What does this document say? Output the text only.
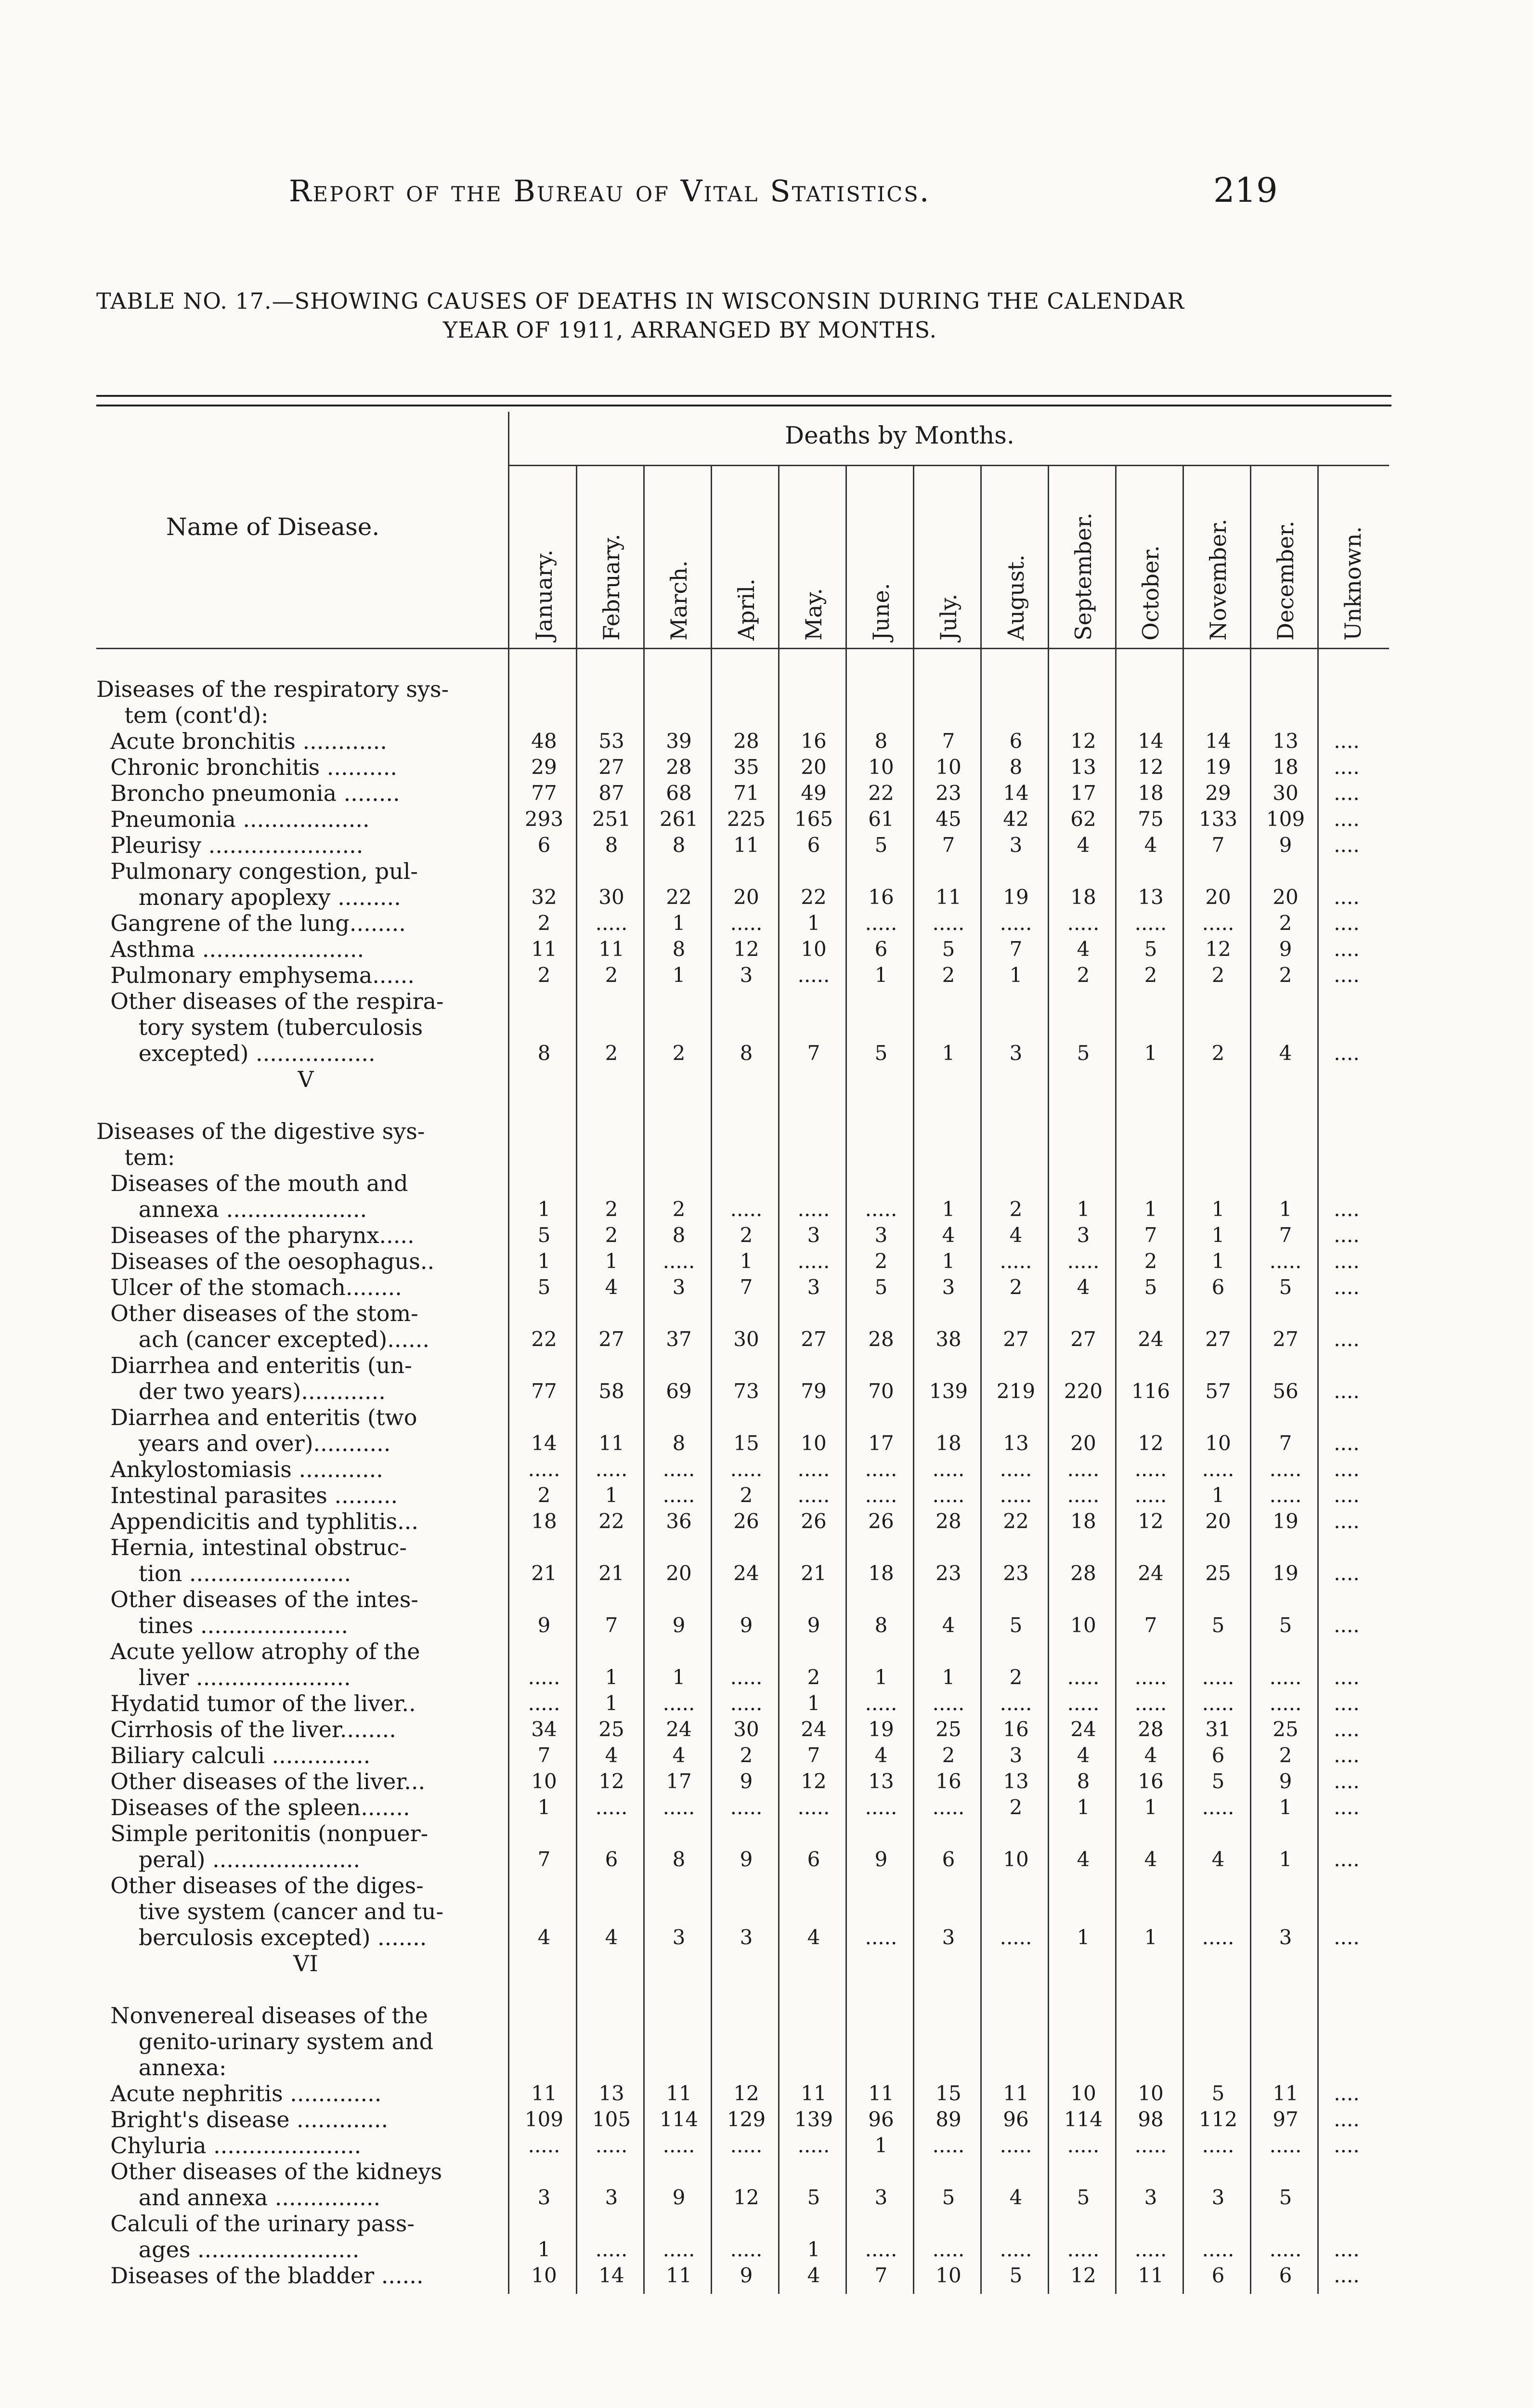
Report of the Bureau of Vital Statistics.	219
TABLE NO. 17.—SHOWING CAUSES OF DEATHS IN WISCONSIN DURING THE CALENDAR
YEAR OF 1911, ARRANGED BY MONTHS.
Name of Disease.
Deaths by Months.
January. February. March. April. May. June. July. August. September. October. November. December. Unknown.
Diseases of the respiratory sys-
tem (cont'd):
Acute bronchitis ............	48	53	39	28	16	8	7	6	12	14	14	13	....
Chronic bronchitis ..........	29	27	28	35	20	10	10	8	13	12	19	18	....
Broncho pneumonia ........	77	87	68	71	49	22	23	14	17	18	29	30	....
Pneumonia ..................	293	251	261	225	165	61	45	42	62	75	133	109	....
Pleurisy ......................	6	8	8	11	6	5	7	3	4	4	7	9	....
Pulmonary congestion, pul-
monary apoplexy .........	32	30	22	20	22	16	11	19	18	13	20	20	....
Gangrene of the lung........	2	.....	1	.....	1	.....	.....	.....	.....	.....	.....	2	....
Asthma .......................	11	11	8	12	10	6	5	7	4	5	12	9	....
Pulmonary emphysema......	2	2	1	3	.....	1	2	1	2	2	2	2	....
Other diseases of the respira-
tory system (tuberculosis
excepted) .................	8	2	2	8	7	5	1	3	5	1	2	4	....
V
Diseases of the digestive sys-
tem:
Diseases of the mouth and
annexa ....................	1	2	2	.....	.....	.....	1	2	1	1	1	1	....
Diseases of the pharynx.....	5	2	8	2	3	3	4	4	3	7	1	7	....
Diseases of the oesophagus..	1	1	.....	1	.....	2	1	.....	.....	2	1	.....	....
Ulcer of the stomach........	5	4	3	7	3	5	3	2	4	5	6	5	....
Other diseases of the stom-
ach (cancer excepted)......	22	27	37	30	27	28	38	27	27	24	27	27	....
Diarrhea and enteritis (un-
der two years)............	77	58	69	73	79	70	139	219	220	116	57	56	....
Diarrhea and enteritis (two
years and over)...........	14	11	8	15	10	17	18	13	20	12	10	7	....
Ankylostomiasis ............	.....	.....	.....	.....	.....	.....	.....	.....	.....	.....	.....	.....	....
Intestinal parasites .........	2	1	.....	2	.....	.....	.....	.....	.....	.....	1	.....	....
Appendicitis and typhlitis...	18	22	36	26	26	26	28	22	18	12	20	19	....
Hernia, intestinal obstruc-
tion .......................	21	21	20	24	21	18	23	23	28	24	25	19	....
Other diseases of the intes-
tines .....................	9	7	9	9	9	8	4	5	10	7	5	5	....
Acute yellow atrophy of the
liver ......................	.....	1	1	.....	2	1	1	2	.....	.....	.....	.....	....
Hydatid tumor of the liver..	.....	1	.....	.....	1	.....	.....	.....	.....	.....	.....	.....	....
Cirrhosis of the liver........	34	25	24	30	24	19	25	16	24	28	31	25	....
Biliary calculi ..............	7	4	4	2	7	4	2	3	4	4	6	2	....
Other diseases of the liver...	10	12	17	9	12	13	16	13	8	16	5	9	....
Diseases of the spleen.......	1	.....	.....	.....	.....	.....	.....	2	1	1	.....	1	....
Simple peritonitis (nonpuer-
peral) .....................	7	6	8	9	6	9	6	10	4	4	4	1	....
Other diseases of the diges-
tive system (cancer and tu-
berculosis excepted) .......	4	4	3	3	4	.....	3	.....	1	1	.....	3	....
VI
Nonvenereal diseases of the
genito-urinary system and
annexa:
Acute nephritis .............	11	13	11	12	11	11	15	11	10	10	5	11	....
Bright's disease .............	109	105	114	129	139	96	89	96	114	98	112	97	....
Chyluria .....................	.....	.....	.....	.....	.....	1	.....	.....	.....	.....	.....	.....	....
Other diseases of the kidneys
and annexa ...............	3	3	9	12	5	3	5	4	5	3	3	5
Calculi of the urinary pass-
ages .......................	1	.....	.....	.....	1	.....	.....	.....	.....	.....	.....	.....	....
Diseases of the bladder ......	10	14	11	9	4	7	10	5	12	11	6	6	....
